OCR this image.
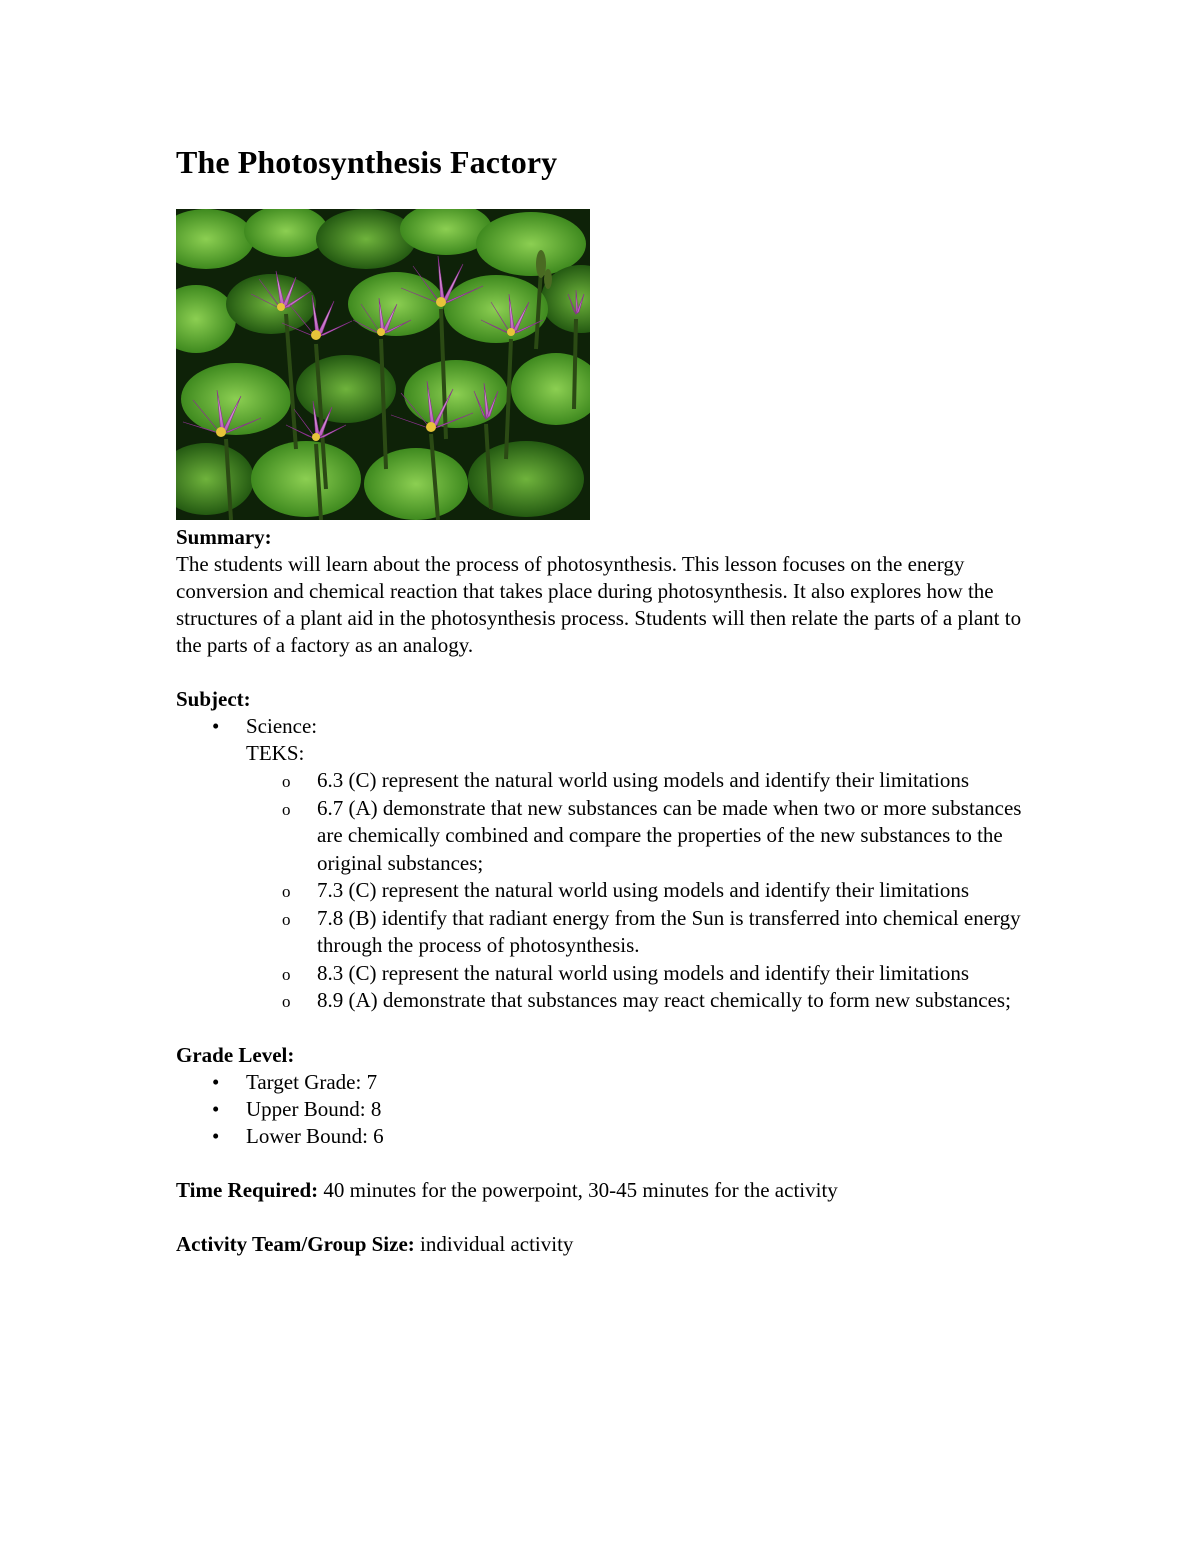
The Photosynthesis Factory
Summary:
The students will learn about the process of photosynthesis. This lesson focuses on the energy conversion and chemical reaction that takes place during photosynthesis. It also explores how the structures of a plant aid in the photosynthesis process. Students will then relate the parts of a plant to the parts of a factory as an analogy.
Subject:
•	Science:
TEKS:
o 6.3 (C) represent the natural world using models and identify their limitations
o 6.7 (A) demonstrate that new substances can be made when two or more substances are chemically combined and compare the properties of the new substances to the original substances;
o 7.3 (C) represent the natural world using models and identify their limitations
o 7.8 (B) identify that radiant energy from the Sun is transferred into chemical energy through the process of photosynthesis.
o 8.3 (C) represent the natural world using models and identify their limitations
o 8.9 (A) demonstrate that substances may react chemically to form new substances;
Grade Level:
•	Target Grade: 7
•	Upper Bound: 8
•	Lower Bound: 6
Time Required: 40 minutes for the powerpoint, 30-45 minutes for the activity
Activity Team/Group Size: individual activity
